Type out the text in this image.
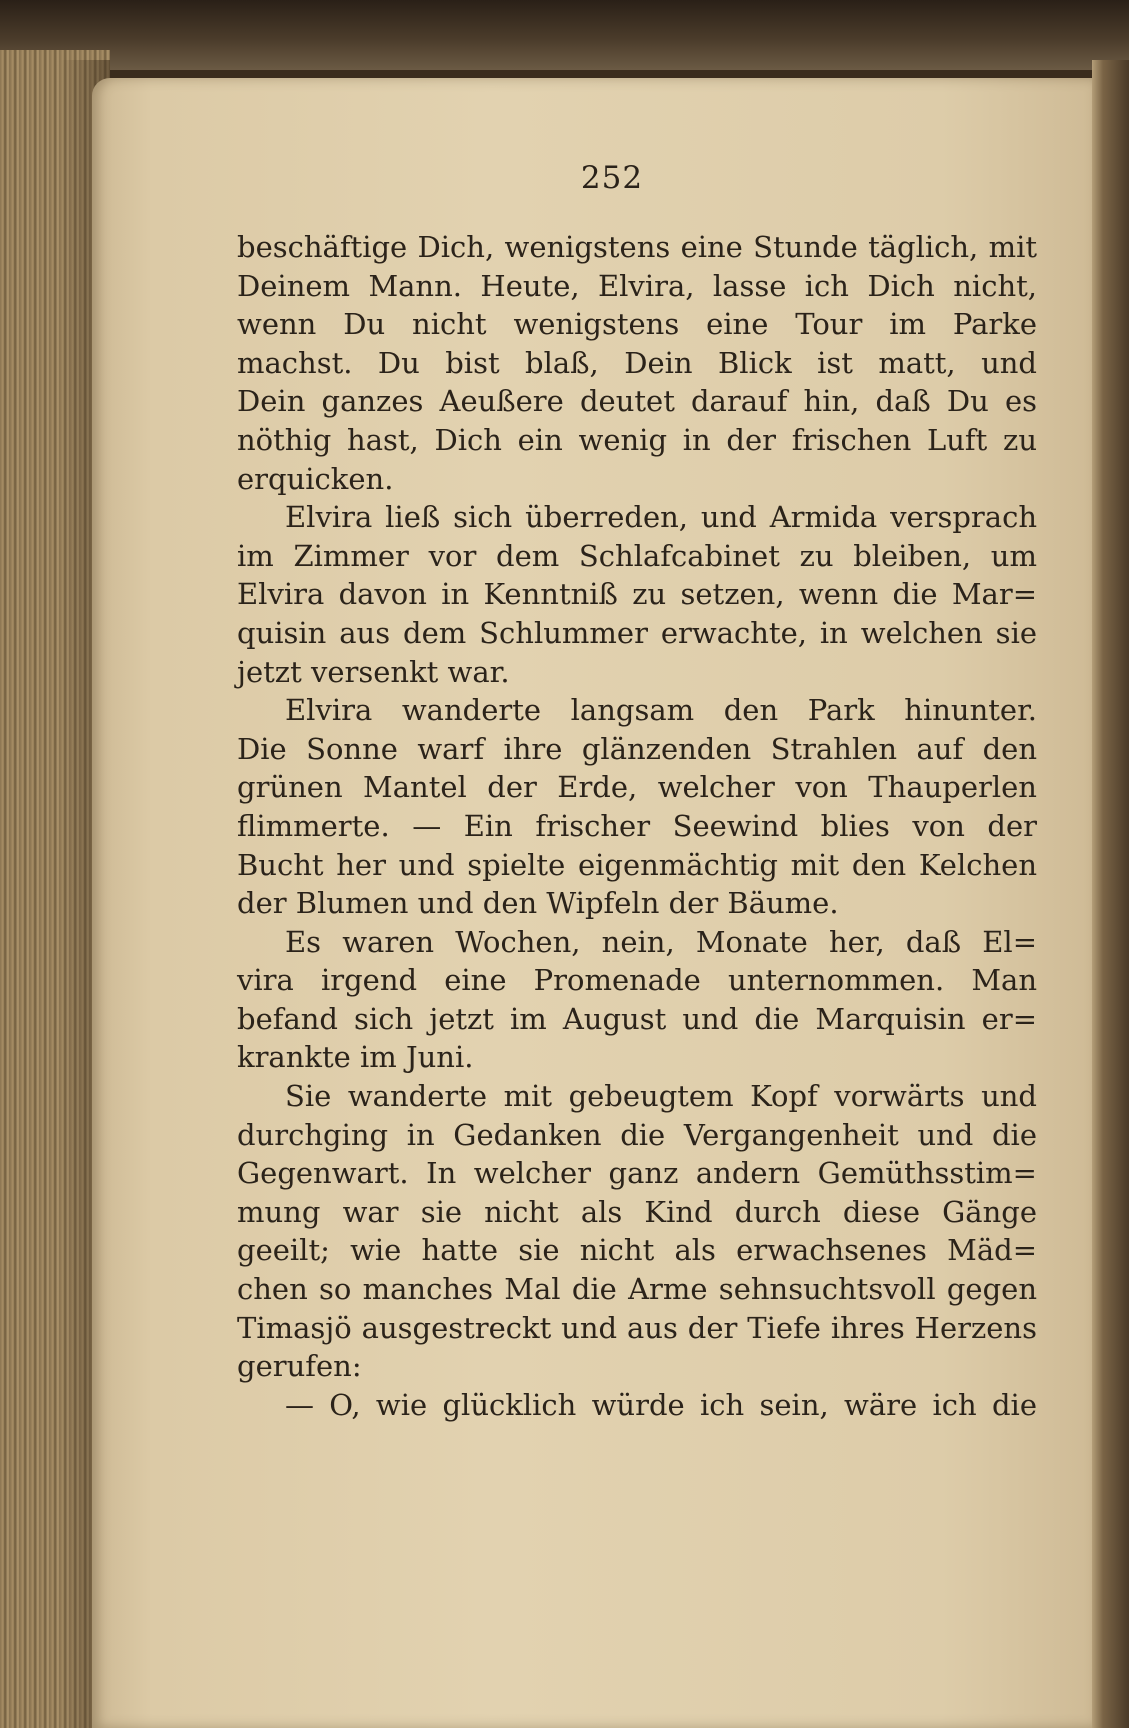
252
beschäftige Dich, wenigstens eine Stunde täglich, mit
Deinem Mann. Heute, Elvira, lasse ich Dich nicht,
wenn Du nicht wenigstens eine Tour im Parke
machst. Du bist blaß, Dein Blick ist matt, und
Dein ganzes Aeußere deutet darauf hin, daß Du es
nöthig hast, Dich ein wenig in der frischen Luft zu
erquicken.
Elvira ließ sich überreden, und Armida versprach
im Zimmer vor dem Schlafcabinet zu bleiben, um
Elvira davon in Kenntniß zu setzen, wenn die Mar=
quisin aus dem Schlummer erwachte, in welchen sie
jetzt versenkt war.
Elvira wanderte langsam den Park hinunter.
Die Sonne warf ihre glänzenden Strahlen auf den
grünen Mantel der Erde, welcher von Thauperlen
flimmerte. — Ein frischer Seewind blies von der
Bucht her und spielte eigenmächtig mit den Kelchen
der Blumen und den Wipfeln der Bäume.
Es waren Wochen, nein, Monate her, daß El=
vira irgend eine Promenade unternommen. Man
befand sich jetzt im August und die Marquisin er=
krankte im Juni.
Sie wanderte mit gebeugtem Kopf vorwärts und
durchging in Gedanken die Vergangenheit und die
Gegenwart. In welcher ganz andern Gemüthsstim=
mung war sie nicht als Kind durch diese Gänge
geeilt; wie hatte sie nicht als erwachsenes Mäd=
chen so manches Mal die Arme sehnsuchtsvoll gegen
Timasjö ausgestreckt und aus der Tiefe ihres Herzens
gerufen:
— O, wie glücklich würde ich sein, wäre ich die
